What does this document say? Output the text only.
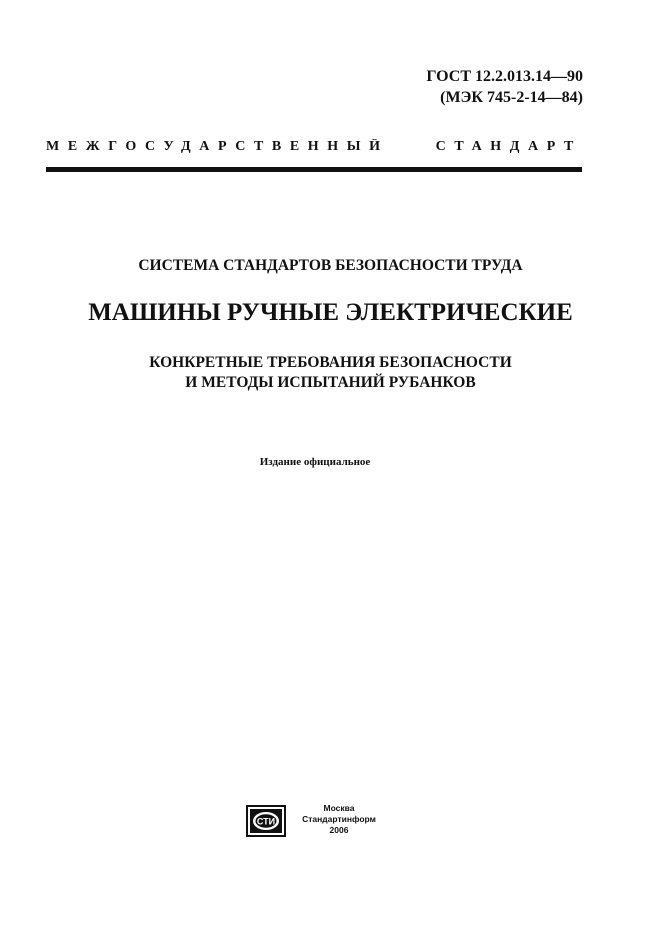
ГОСТ 12.2.013.14—90
(МЭК 745-2-14—84)
МЕЖГОСУДАРСТВЕННЫЙ СТАНДАРТ
СИСТЕМА СТАНДАРТОВ БЕЗОПАСНОСТИ ТРУДА
МАШИНЫ РУЧНЫЕ ЭЛЕКТРИЧЕСКИЕ
КОНКРЕТНЫЕ ТРЕБОВАНИЯ БЕЗОПАСНОСТИ
И МЕТОДЫ ИСПЫТАНИЙ РУБАНКОВ
Издание официальное
СТИ
Москва
Стандартинформ
2006
